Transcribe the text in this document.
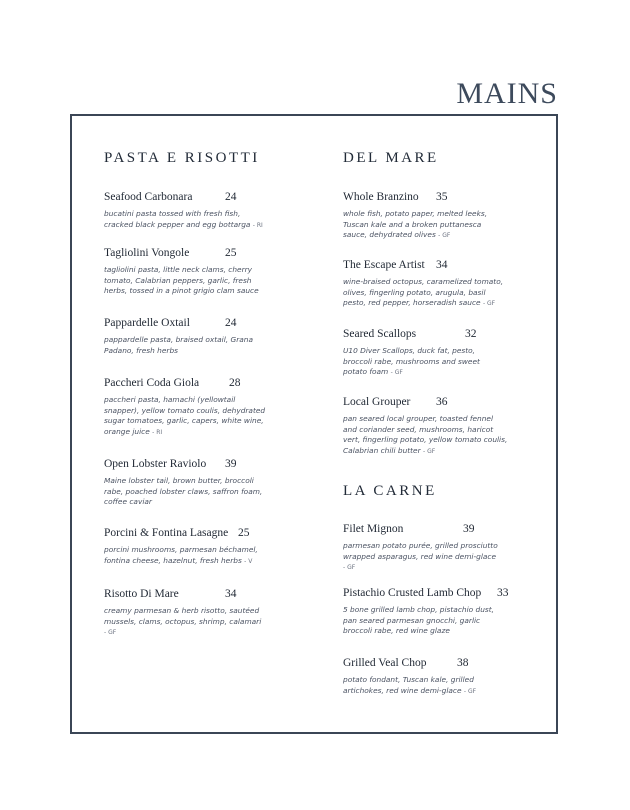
MAINS
PASTA E RISOTTI
Seafood Carbonara	24
bucatini pasta tossed with fresh fish,
cracked black pepper and egg bottarga - RI
Tagliolini Vongole	25
tagliolini pasta, little neck clams, cherry
tomato, Calabrian peppers, garlic, fresh
herbs, tossed in a pinot grigio clam sauce
Pappardelle Oxtail	24
pappardelle pasta, braised oxtail, Grana
Padano, fresh herbs
Paccheri Coda Giola	28
paccheri pasta, hamachi (yellowtail
snapper), yellow tomato coulis, dehydrated
sugar tomatoes, garlic, capers, white wine,
orange juice - RI
Open Lobster Raviolo 39
Maine lobster tail, brown butter, broccoli
rabe, poached lobster claws, saffron foam,
coffee caviar
Porcini & Fontina Lasagne 25
porcini mushrooms, parmesan béchamel,
fontina cheese, hazelnut, fresh herbs - V
Risotto Di Mare	34
creamy parmesan & herb risotto, sautéed
mussels, clams, octopus, shrimp, calamari
- GF
DEL MARE
Whole Branzino 35
whole fish, potato paper, melted leeks,
Tuscan kale and a broken puttanesca
sauce, dehydrated olives - GF
The Escape Artist 34
wine-braised octopus, caramelized tomato,
olives, fingerling potato, arugula, basil
pesto, red pepper, horseradish sauce - GF
Seared Scallops	32
U10 Diver Scallops, duck fat, pesto,
broccoli rabe, mushrooms and sweet
potato foam - GF
Local Grouper 36
pan seared local grouper, toasted fennel
and coriander seed, mushrooms, haricot
vert, fingerling potato, yellow tomato coulis,
Calabrian chili butter - GF
LA CARNE
Filet Mignon	39
parmesan potato purée, grilled prosciutto
wrapped asparagus, red wine demi-glace
- GF
Pistachio Crusted Lamb Chop 33
5 bone grilled lamb chop, pistachio dust,
pan seared parmesan gnocchi, garlic
broccoli rabe, red wine glaze
Grilled Veal Chop	38
potato fondant, Tuscan kale, grilled
artichokes, red wine demi-glace - GF
